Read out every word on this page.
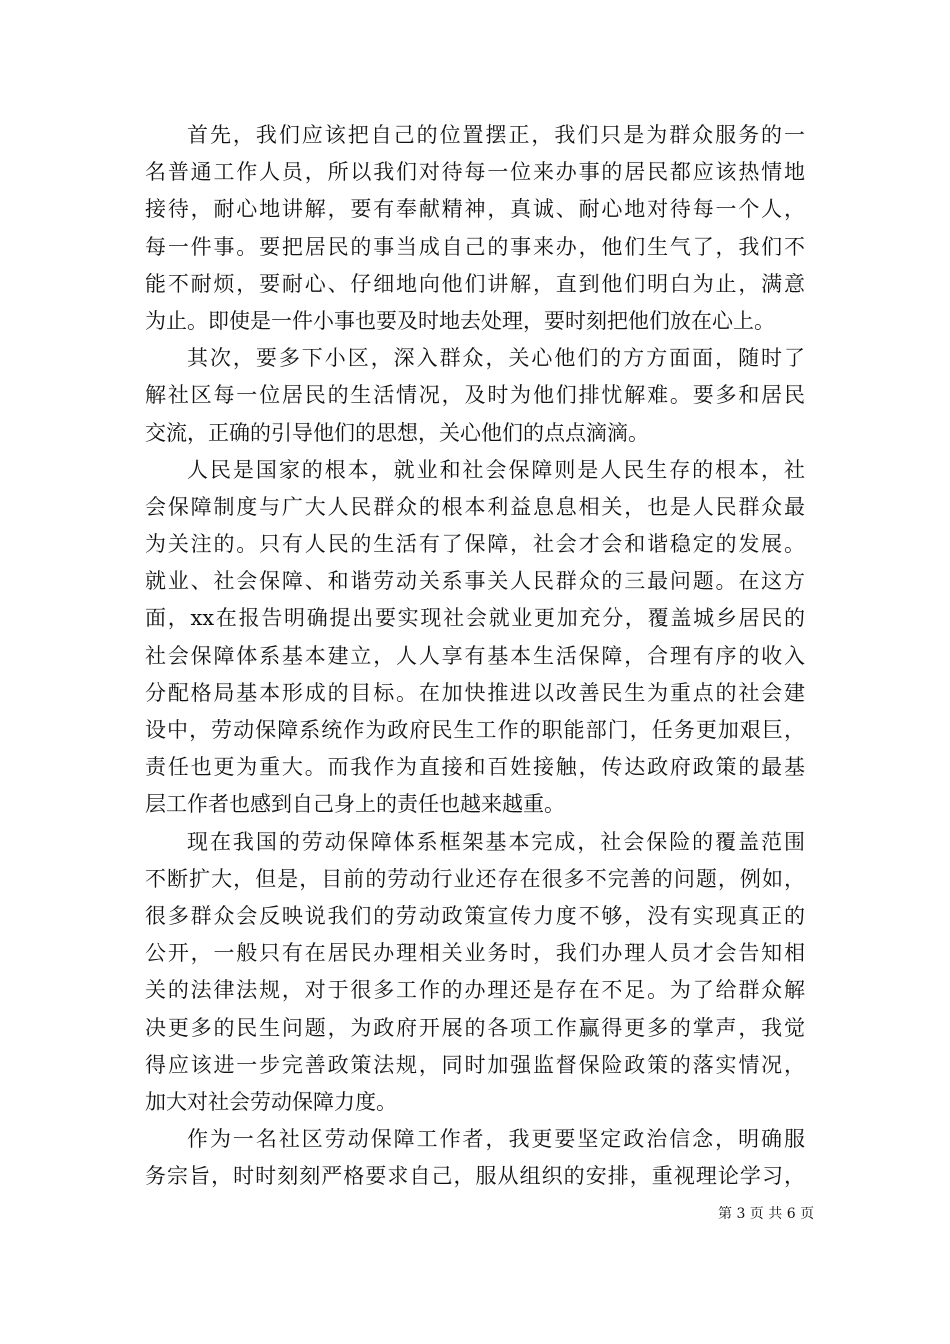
首先，我们应该把自己的位置摆正，我们只是为群众服务的一
名普通工作人员，所以我们对待每一位来办事的居民都应该热情地
接待，耐心地讲解，要有奉献精神，真诚、耐心地对待每一个人，
每一件事。要把居民的事当成自己的事来办，他们生气了，我们不
能不耐烦，要耐心、仔细地向他们讲解，直到他们明白为止，满意
为止。即使是一件小事也要及时地去处理，要时刻把他们放在心上。
其次，要多下小区，深入群众，关心他们的方方面面，随时了
解社区每一位居民的生活情况，及时为他们排忧解难。要多和居民
交流，正确的引导他们的思想，关心他们的点点滴滴。
人民是国家的根本，就业和社会保障则是人民生存的根本，社
会保障制度与广大人民群众的根本利益息息相关，也是人民群众最
为关注的。只有人民的生活有了保障，社会才会和谐稳定的发展。
就业、社会保障、和谐劳动关系事关人民群众的三最问题。在这方
面，xx在报告明确提出要实现社会就业更加充分，覆盖城乡居民的
社会保障体系基本建立，人人享有基本生活保障，合理有序的收入
分配格局基本形成的目标。在加快推进以改善民生为重点的社会建
设中，劳动保障系统作为政府民生工作的职能部门，任务更加艰巨，
责任也更为重大。而我作为直接和百姓接触，传达政府政策的最基
层工作者也感到自己身上的责任也越来越重。
现在我国的劳动保障体系框架基本完成，社会保险的覆盖范围
不断扩大，但是，目前的劳动行业还存在很多不完善的问题，例如，
很多群众会反映说我们的劳动政策宣传力度不够，没有实现真正的
公开，一般只有在居民办理相关业务时，我们办理人员才会告知相
关的法律法规，对于很多工作的办理还是存在不足。为了给群众解
决更多的民生问题，为政府开展的各项工作赢得更多的掌声，我觉
得应该进一步完善政策法规，同时加强监督保险政策的落实情况，
加大对社会劳动保障力度。
作为一名社区劳动保障工作者，我更要坚定政治信念，明确服
务宗旨，时时刻刻严格要求自己，服从组织的安排，重视理论学习，
第 3 页 共 6 页
